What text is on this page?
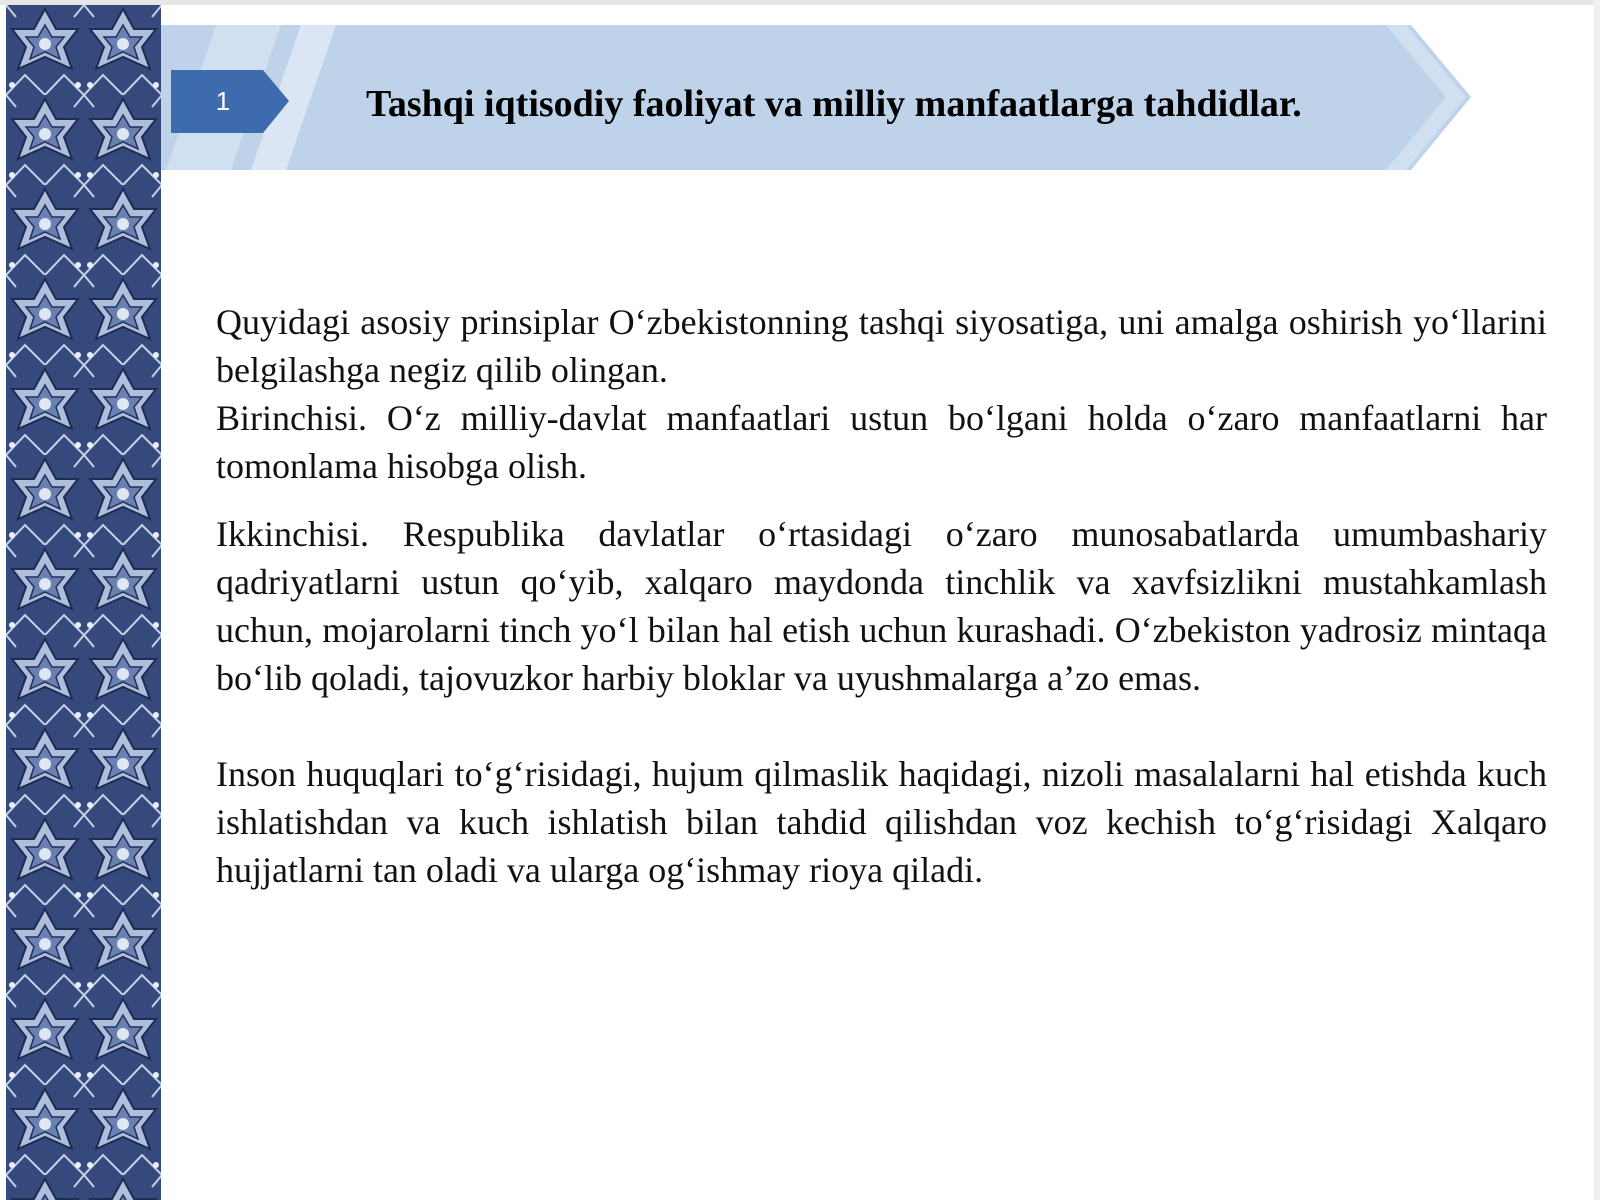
1	Tashqi iqtisodiy faoliyat va milliy manfaatlarga tahdidlar.

Quyidagi asosiy prinsiplar O‘zbekistonning tashqi siyosatiga, uni amalga oshirish yo‘llarini belgilashga negiz qilib olingan.

Birinchisi. O‘z milliy-davlat manfaatlari ustun bo‘lgani holda o‘zaro manfaatlarni har tomonlama hisobga olish.

Ikkinchisi. Respublika davlatlar o‘rtasidagi o‘zaro munosabatlarda umumbashariy qadriyatlarni ustun qo‘yib, xalqaro maydonda tinchlik va xavfsizlikni mustahkamlash uchun, mojarolarni tinch yo‘l bilan hal etish uchun kurashadi. O‘zbekiston yadrosiz mintaqa bo‘lib qoladi, tajovuzkor harbiy bloklar va uyushmalarga a’zo emas.

Inson huquqlari to‘g‘risidagi, hujum qilmaslik haqidagi, nizoli masalalarni hal etishda kuch ishlatishdan va kuch ishlatish bilan tahdid qilishdan voz kechish to‘g‘risidagi Xalqaro hujjatlarni tan oladi va ularga og‘ishmay rioya qiladi.
